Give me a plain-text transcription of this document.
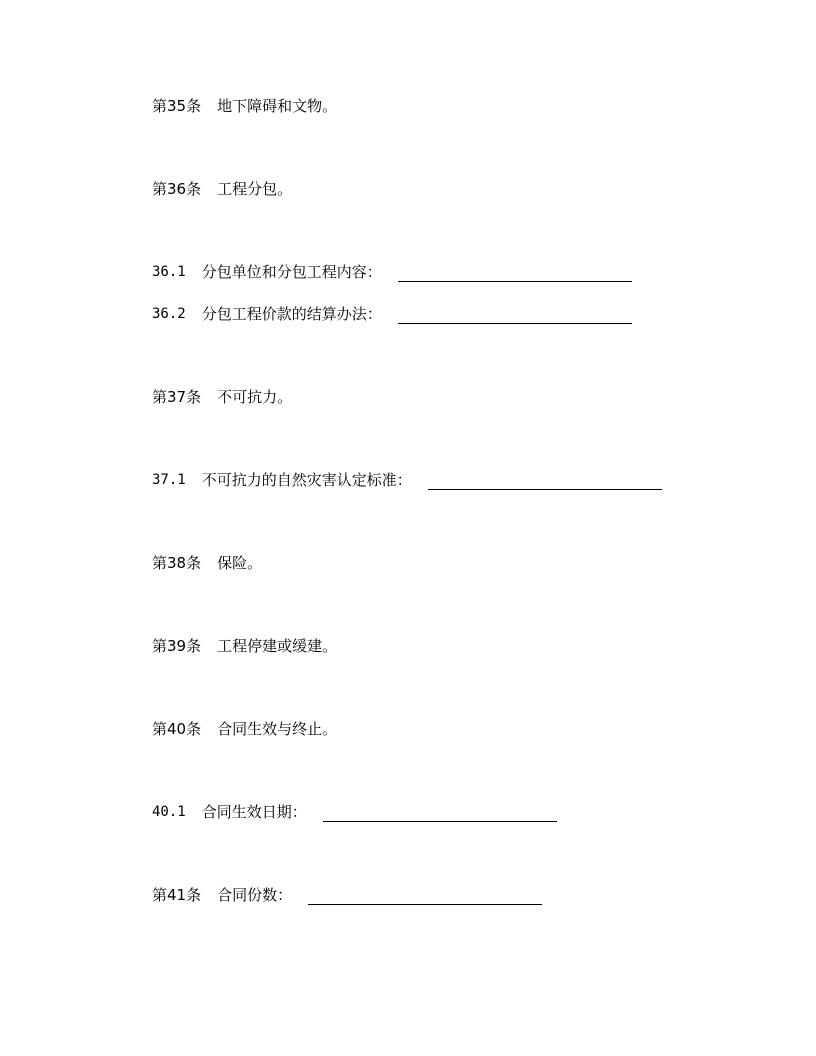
第35条 地下障碍和文物。
第36条 工程分包。
36.1 分包单位和分包工程内容：
36.2 分包工程价款的结算办法：
第37条 不可抗力。
37.1 不可抗力的自然灾害认定标准：
第38条 保险。
第39条 工程停建或缓建。
第40条 合同生效与终止。
40.1 合同生效日期：
第41条 合同份数：
